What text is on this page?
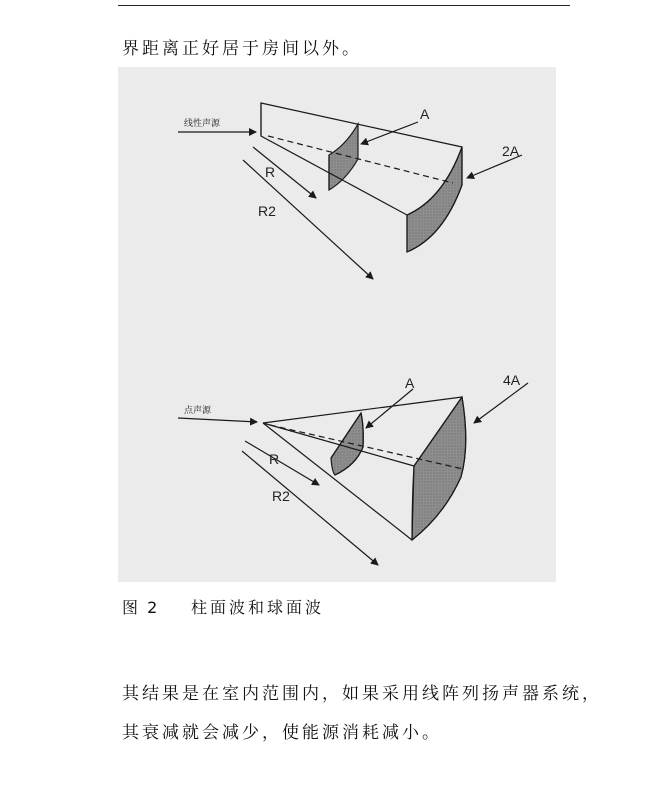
界距离正好居于房间以外。
线性声源
A
2A
R
R2
点声源
A	4A
R
R2
图 2 柱面波和球面波
其结果是在室内范围内，如果采用线阵列扬声器系统，
其衰减就会减少，使能源消耗减小。
